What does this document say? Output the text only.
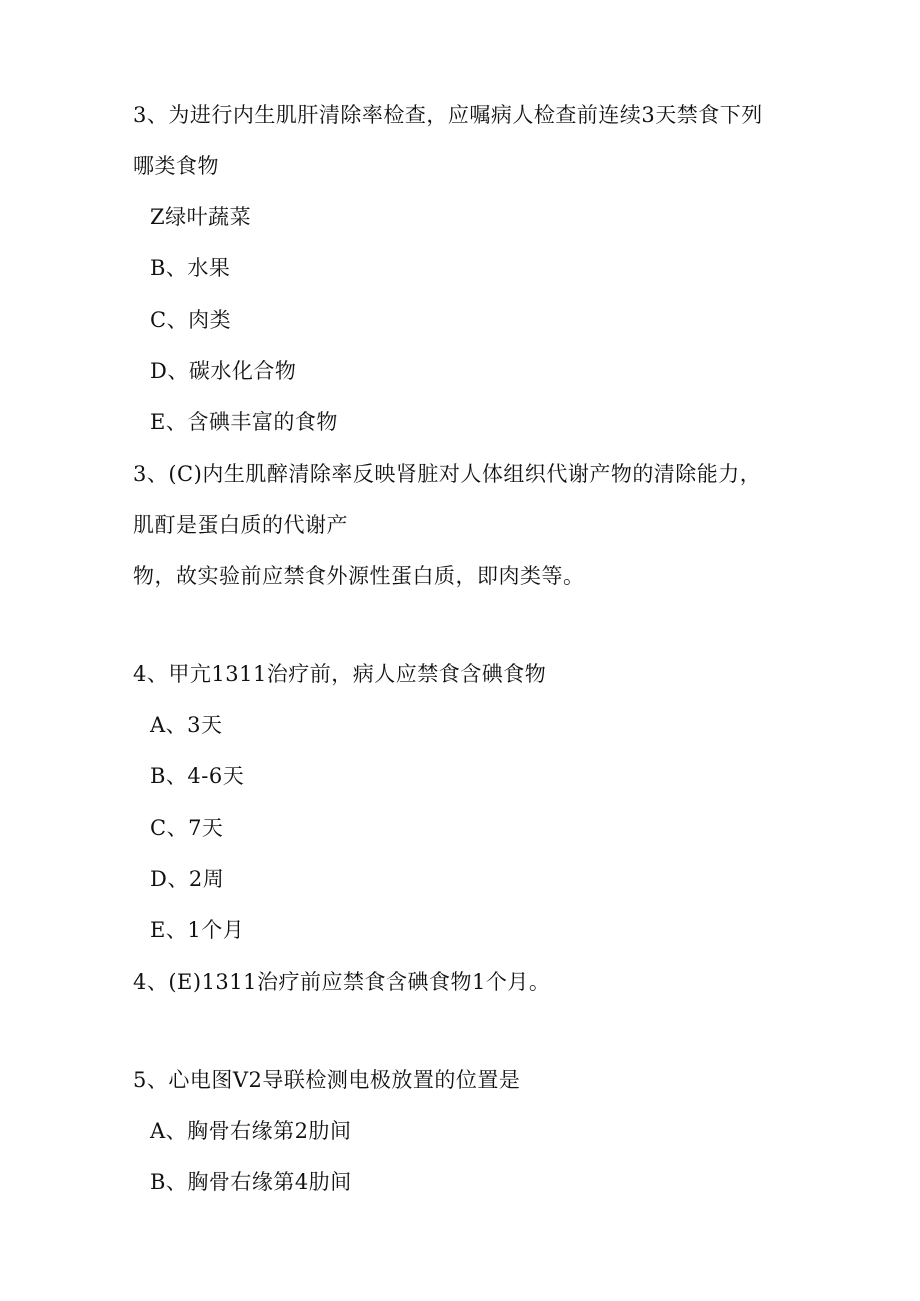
3、为进行内生肌肝清除率检查，应嘱病人检查前连续3天禁食下列
哪类食物
Z绿叶蔬菜
B、水果
C、肉类
D、碳水化合物
E、含碘丰富的食物
3、(C)内生肌醉清除率反映肾脏对人体组织代谢产物的清除能力，
肌酊是蛋白质的代谢产
物，故实验前应禁食外源性蛋白质，即肉类等。
4、甲亢1311治疗前，病人应禁食含碘食物
A、3天
B、4-6天
C、7天
D、2周
E、1个月
4、(E)1311治疗前应禁食含碘食物1个月。
5、心电图V2导联检测电极放置的位置是
A、胸骨右缘第2肋间
B、胸骨右缘第4肋间
